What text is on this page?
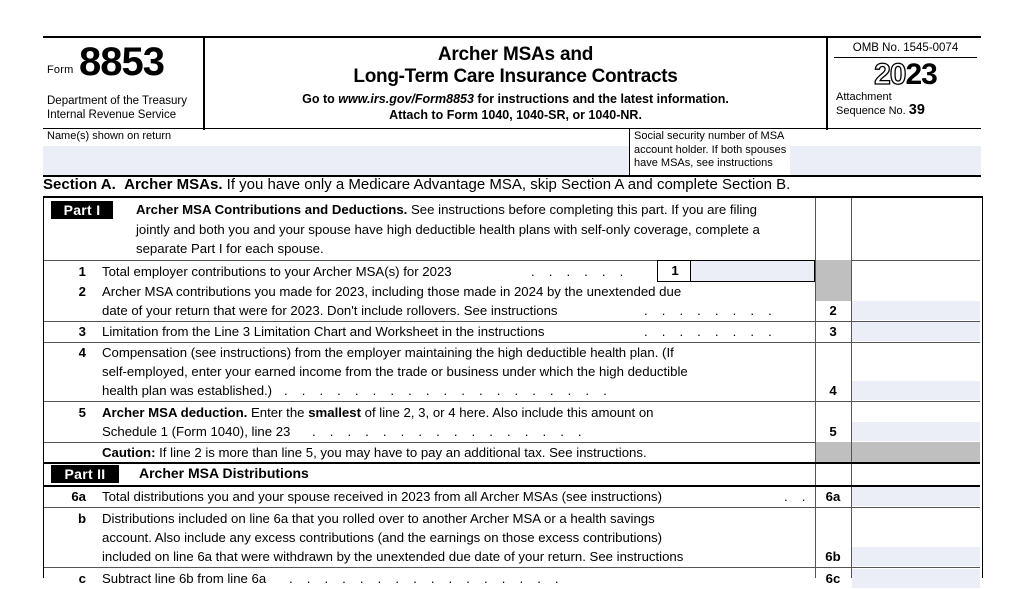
Form 8853
Department of the Treasury
Internal Revenue Service
Archer MSAs and
Long-Term Care Insurance Contracts
Go to www.irs.gov/Form8853 for instructions and the latest information.
Attach to Form 1040, 1040-SR, or 1040-NR.
OMB No. 1545-0074
2023
Attachment
Sequence No. 39
Name(s) shown on return	Social security number of MSA
account holder. If both spouses
have MSAs, see instructions
Section A. Archer MSAs. If you have only a Medicare Advantage MSA, skip Section A and complete Section B.
Part I	Archer MSA Contributions and Deductions. See instructions before completing this part. If you are filing
jointly and both you and your spouse have high deductible health plans with self-only coverage, complete a
separate Part I for each spouse.
1 Total employer contributions to your Archer MSA(s) for 2023	. . . . . .	1
2 Archer MSA contributions you made for 2023, including those made in 2024 by the unextended due
date of your return that were for 2023. Don't include rollovers. See instructions	. . . . . . . .	2
3 Limitation from the Line 3 Limitation Chart and Worksheet in the instructions	. . . . . . . .	3
4 Compensation (see instructions) from the employer maintaining the high deductible health plan. (If
self-employed, enter your earned income from the trade or business under which the high deductible
health plan was established.) . . . . . . . . . . . . . . . . . . .	4
5 Archer MSA deduction. Enter the smallest of line 2, 3, or 4 here. Also include this amount on
Schedule 1 (Form 1040), line 23 . . . . . . . . . . . . . . . .	5
Caution: If line 2 is more than line 5, you may have to pay an additional tax. See instructions.
Part II	Archer MSA Distributions
6a Total distributions you and your spouse received in 2023 from all Archer MSAs (see instructions)	. .	6a
b Distributions included on line 6a that you rolled over to another Archer MSA or a health savings
account. Also include any excess contributions (and the earnings on those excess contributions)
included on line 6a that were withdrawn by the unextended due date of your return. See instructions	6b
c Subtract line 6b from line 6a . . . . . . . . . . . . . . . .	6c
